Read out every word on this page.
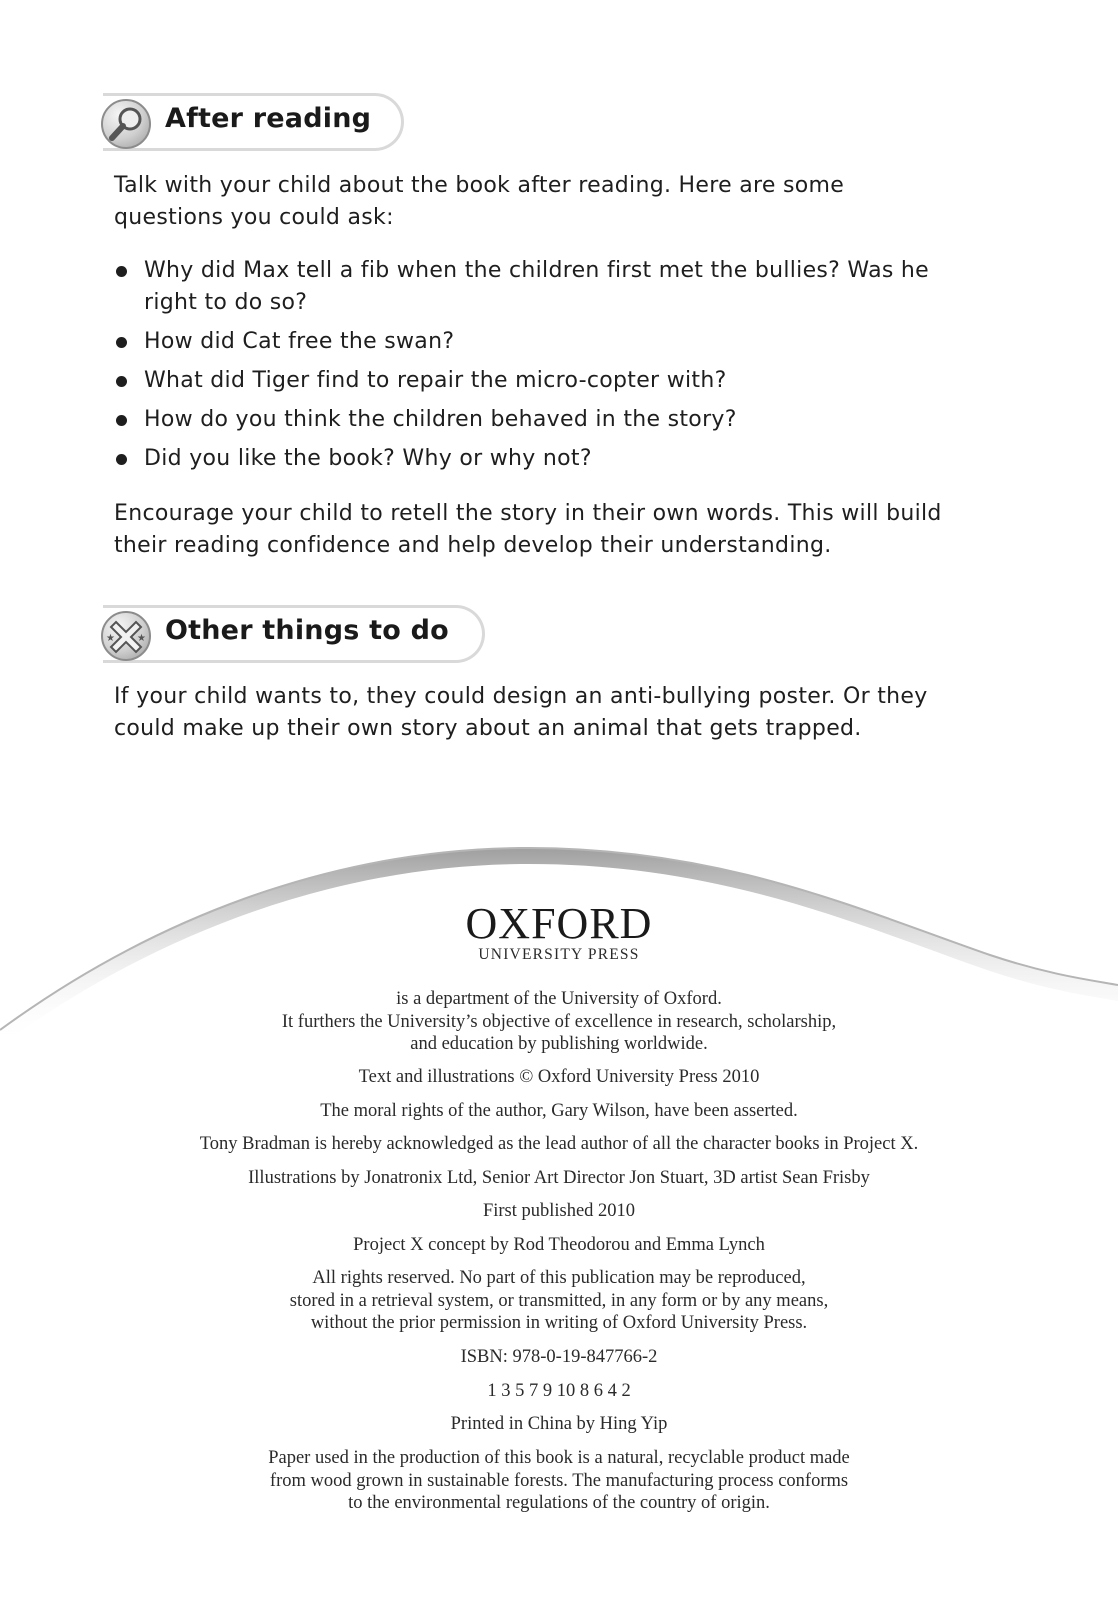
After reading

Talk with your child about the book after reading. Here are some questions you could ask:

Why did Max tell a fib when the children first met the bullies? Was he right to do so?
How did Cat free the swan?
What did Tiger find to repair the micro-copter with?
How do you think the children behaved in the story?
Did you like the book? Why or why not?

Encourage your child to retell the story in their own words. This will build their reading confidence and help develop their understanding.

★ ★ Other things to do

If your child wants to, they could design an anti-bullying poster. Or they could make up their own story about an animal that gets trapped.

OXFORD
UNIVERSITY PRESS

is a department of the University of Oxford.

It furthers the University’s objective of excellence in research, scholarship,

and education by publishing worldwide.

Text and illustrations © Oxford University Press 2010

The moral rights of the author, Gary Wilson, have been asserted.

Tony Bradman is hereby acknowledged as the lead author of all the character books in Project X.

Illustrations by Jonatronix Ltd, Senior Art Director Jon Stuart, 3D artist Sean Frisby

First published 2010

Project X concept by Rod Theodorou and Emma Lynch

All rights reserved. No part of this publication may be reproduced,

stored in a retrieval system, or transmitted, in any form or by any means,

without the prior permission in writing of Oxford University Press.

ISBN: 978-0-19-847766-2

1 3 5 7 9 10 8 6 4 2

Printed in China by Hing Yip

Paper used in the production of this book is a natural, recyclable product made

from wood grown in sustainable forests. The manufacturing process conforms

to the environmental regulations of the country of origin.
